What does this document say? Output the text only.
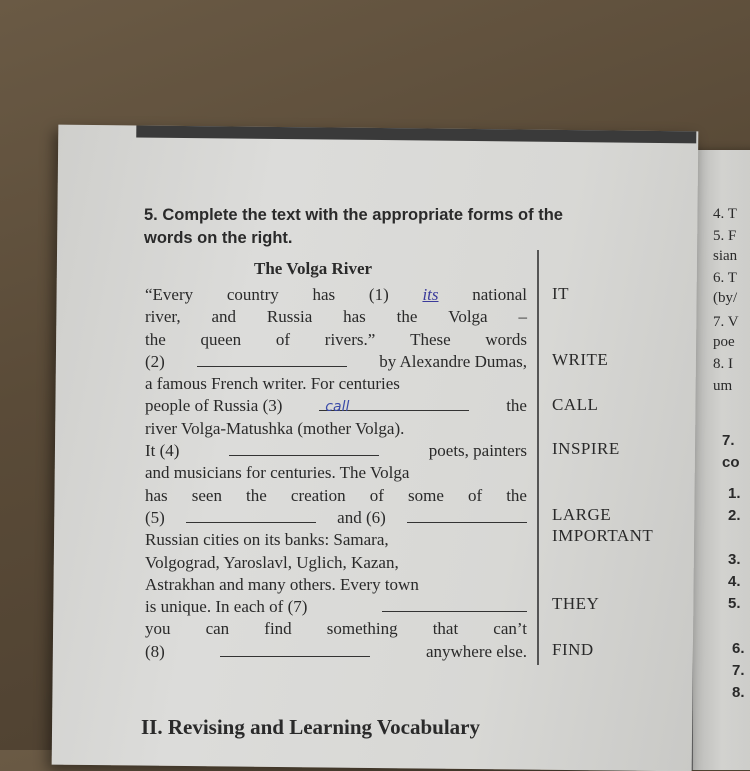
5. Complete the text with the appropriate forms of the
words on the right.
The Volga River
“Every country has (1) its national
river, and Russia has the Volga –
the queen of rivers.” These words
(2)	by Alexandre Dumas,
a famous French writer. For centuries
people of Russia (3)	call	the
river Volga-Matushka (mother Volga).
It (4)	poets, painters
and musicians for centuries. The Volga
has seen the creation of some of the
(5)	and (6)
Russian cities on its banks: Samara,
Volgograd, Yaroslavl, Uglich, Kazan,
Astrakhan and many others. Every town
is unique. In each of (7)
you can find something that can’t
(8)	anywhere else.
IT
WRITE
CALL
INSPIRE
LARGE
IMPORTANT
THEY
FIND
II. Revising and Learning Vocabulary
4. T
5. F
sian
6. T
(by/
7. V
poe
8. I
um
7.
co
1.
2.
3.
4.
5.
6.
7.
8.
